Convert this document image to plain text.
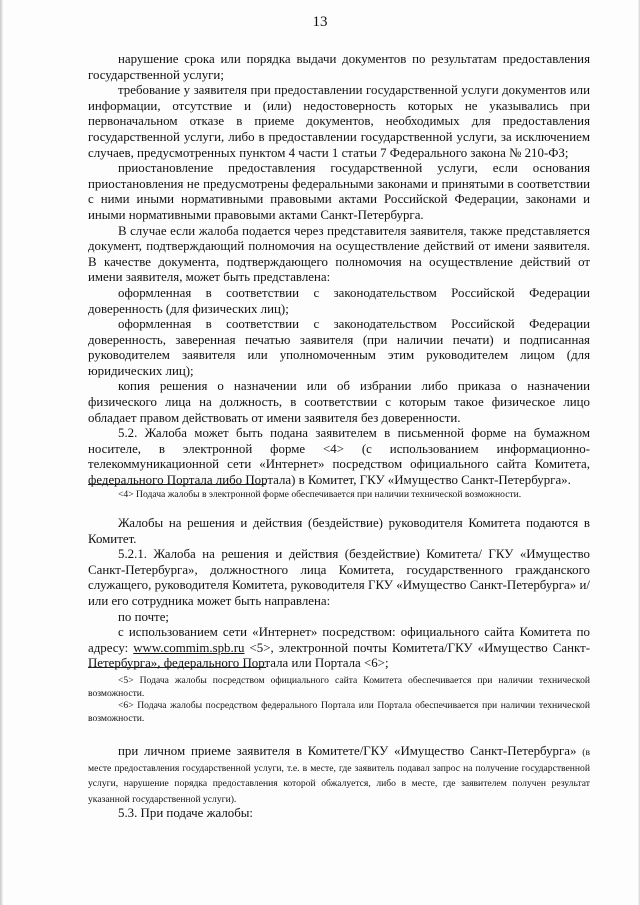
13

нарушение срока или порядка выдачи документов по результатам предоставления государственной услуги;

требование у заявителя при предоставлении государственной услуги документов или информации, отсутствие и (или) недостоверность которых не указывались при первоначальном отказе в приеме документов, необходимых для предоставления государственной услуги, либо в предоставлении государственной услуги, за исключением случаев, предусмотренных пунктом 4 части 1 статьи 7 Федерального закона № 210-ФЗ;

приостановление предоставления государственной услуги, если основания приостановления не предусмотрены федеральными законами и принятыми в соответствии с ними иными нормативными правовыми актами Российской Федерации, законами и иными нормативными правовыми актами Санкт-Петербурга.

В случае если жалоба подается через представителя заявителя, также представляется документ, подтверждающий полномочия на осуществление действий от имени заявителя. В качестве документа, подтверждающего полномочия на осуществление действий от имени заявителя, может быть представлена:

оформленная в соответствии с законодательством Российской Федерации доверенность (для физических лиц);

оформленная в соответствии с законодательством Российской Федерации доверенность, заверенная печатью заявителя (при наличии печати) и подписанная руководителем заявителя или уполномоченным этим руководителем лицом (для юридических лиц);

копия решения о назначении или об избрании либо приказа о назначении физического лица на должность, в соответствии с которым такое физическое лицо обладает правом действовать от имени заявителя без доверенности.

5.2. Жалоба может быть подана заявителем в письменной форме на бумажном носителе, в электронной форме <4> (с использованием информационно-телекоммуникационной сети «Интернет» посредством официального сайта Комитета, федерального Портала либо Портала) в Комитет, ГКУ «Имущество Санкт-Петербурга».

<4> Подача жалобы в электронной форме обеспечивается при наличии технической возможности.

Жалобы на решения и действия (бездействие) руководителя Комитета подаются в Комитет.

5.2.1. Жалоба на решения и действия (бездействие) Комитета/ ГКУ «Имущество Санкт-Петербурга», должностного лица Комитета, государственного гражданского служащего, руководителя Комитета, руководителя ГКУ «Имущество Санкт-Петербурга» и/или его сотрудника может быть направлена:

по почте;

с использованием сети «Интернет» посредством: официального сайта Комитета по адресу: www.commim.spb.ru <5>, электронной почты Комитета/ГКУ «Имущество Санкт-Петербурга», федерального Портала или Портала <6>;

<5> Подача жалобы посредством официального сайта Комитета обеспечивается при наличии технической возможности.

<6> Подача жалобы посредством федерального Портала или Портала обеспечивается при наличии технической возможности.

при личном приеме заявителя в Комитете/ГКУ «Имущество Санкт-Петербурга» (в месте предоставления государственной услуги, т.е. в месте, где заявитель подавал запрос на получение государственной услуги, нарушение порядка предоставления которой обжалуется, либо в месте, где заявителем получен результат указанной государственной услуги).

5.3. При подаче жалобы:
